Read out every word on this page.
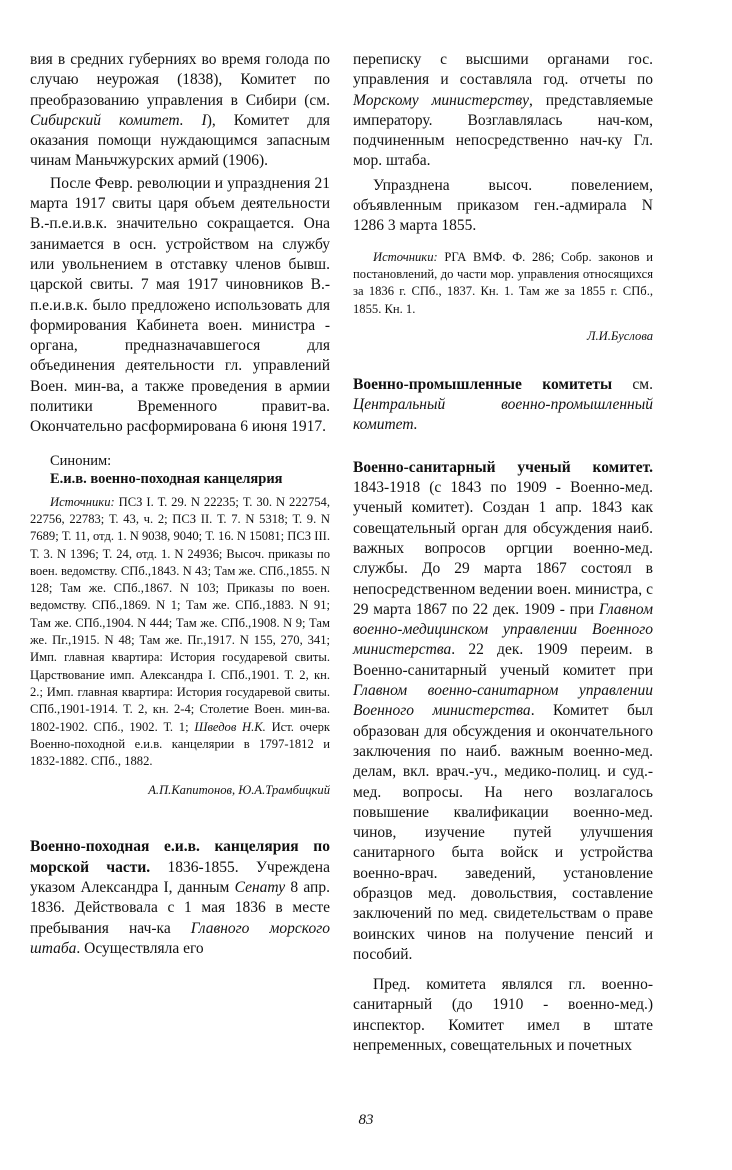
вия в средних губерниях во время голода по случаю неурожая (1838), Комитет по преобразованию управления в Сибири (см. Сибирский комитет. I), Комитет для оказания помощи нуждающимся запасным чинам Маньчжурских армий (1906).

После Февр. революции и упразднения 21 марта 1917 свиты царя объем деятельности В.-п.е.и.в.к. значительно сокращается. Она занимается в осн. устройством на службу или увольнением в отставку членов бывш. царской свиты. 7 мая 1917 чиновников В.-п.е.и.в.к. было предложено использовать для формирования Кабинета воен. министра - органа, предназначавшегося для объединения деятельности гл. управлений Воен. мин-ва, а также проведения в армии политики Временного правит-ва. Окончательно расформирована 6 июня 1917.

Синоним:
Е.и.в. военно-походная канцелярия

Источники: ПСЗ I. Т. 29. N 22235; Т. 30. N 222754, 22756, 22783; Т. 43, ч. 2; ПСЗ II. Т. 7. N 5318; Т. 9. N 7689; Т. 11, отд. 1. N 9038, 9040; Т. 16. N 15081; ПСЗ III. Т. 3. N 1396; Т. 24, отд. 1. N 24936; Высоч. приказы по воен. ведомству. СПб.,1843. N 43; Там же. СПб.,1855. N 128; Там же. СПб.,1867. N 103; Приказы по воен. ведомству. СПб.,1869. N 1; Там же. СПб.,1883. N 91; Там же. СПб.,1904. N 444; Там же. СПб.,1908. N 9; Там же. Пг.,1915. N 48; Там же. Пг.,1917. N 155, 270, 341; Имп. главная квартира: История государевой свиты. Царствование имп. Александра I. СПб.,1901. Т. 2, кн. 2.; Имп. главная квартира: История государевой свиты. СПб.,1901-1914. Т. 2, кн. 2-4; Столетие Воен. мин-ва. 1802-1902. СПб., 1902. Т. 1; Шведов Н.К. Ист. очерк Военно-походной е.и.в. канцелярии в 1797-1812 и 1832-1882. СПб., 1882.

А.П.Капитонов, Ю.А.Трамбицкий

Военно-походная е.и.в. канцелярия по морской части. 1836-1855. Учреждена указом Александра I, данным Сенату 8 апр. 1836. Действовала с 1 мая 1836 в месте пребывания нач-ка Главного морского штаба. Осуществляла его

переписку с высшими органами гос. управления и составляла год. отчеты по Морскому министерству, представляемые императору. Возглавлялась нач-ком, подчиненным непосредственно нач-ку Гл. мор. штаба.

Упразднена высоч. повелением, объявленным приказом ген.-адмирала N 1286 3 марта 1855.

Источники: РГА ВМФ. Ф. 286; Собр. законов и постановлений, до части мор. управления относящихся за 1836 г. СПб., 1837. Кн. 1. Там же за 1855 г. СПб., 1855. Кн. 1.

Л.И.Буслова

Военно-промышленные комитеты см. Центральный военно-промышленный комитет.

Военно-санитарный ученый комитет. 1843-1918 (с 1843 по 1909 - Военно-мед. ученый комитет). Создан 1 апр. 1843 как совещательный орган для обсуждения наиб. важных вопросов оргции военно-мед. службы. До 29 марта 1867 состоял в непосредственном ведении воен. министра, с 29 марта 1867 по 22 дек. 1909 - при Главном военно-медицинском управлении Военного министерства. 22 дек. 1909 переим. в Военно-санитарный ученый комитет при Главном военно-санитарном управлении Военного министерства. Комитет был образован для обсуждения и окончательного заключения по наиб. важным военно-мед. делам, вкл. врач.-уч., медико-полиц. и суд.-мед. вопросы. На него возлагалось повышение квалификации военно-мед. чинов, изучение путей улучшения санитарного быта войск и устройства военно-врач. заведений, установление образцов мед. довольствия, составление заключений по мед. свидетельствам о праве воинских чинов на получение пенсий и пособий.

Пред. комитета являлся гл. военно-санитарный (до 1910 - военно-мед.) инспектор. Комитет имел в штате непременных, совещательных и почетных

83
